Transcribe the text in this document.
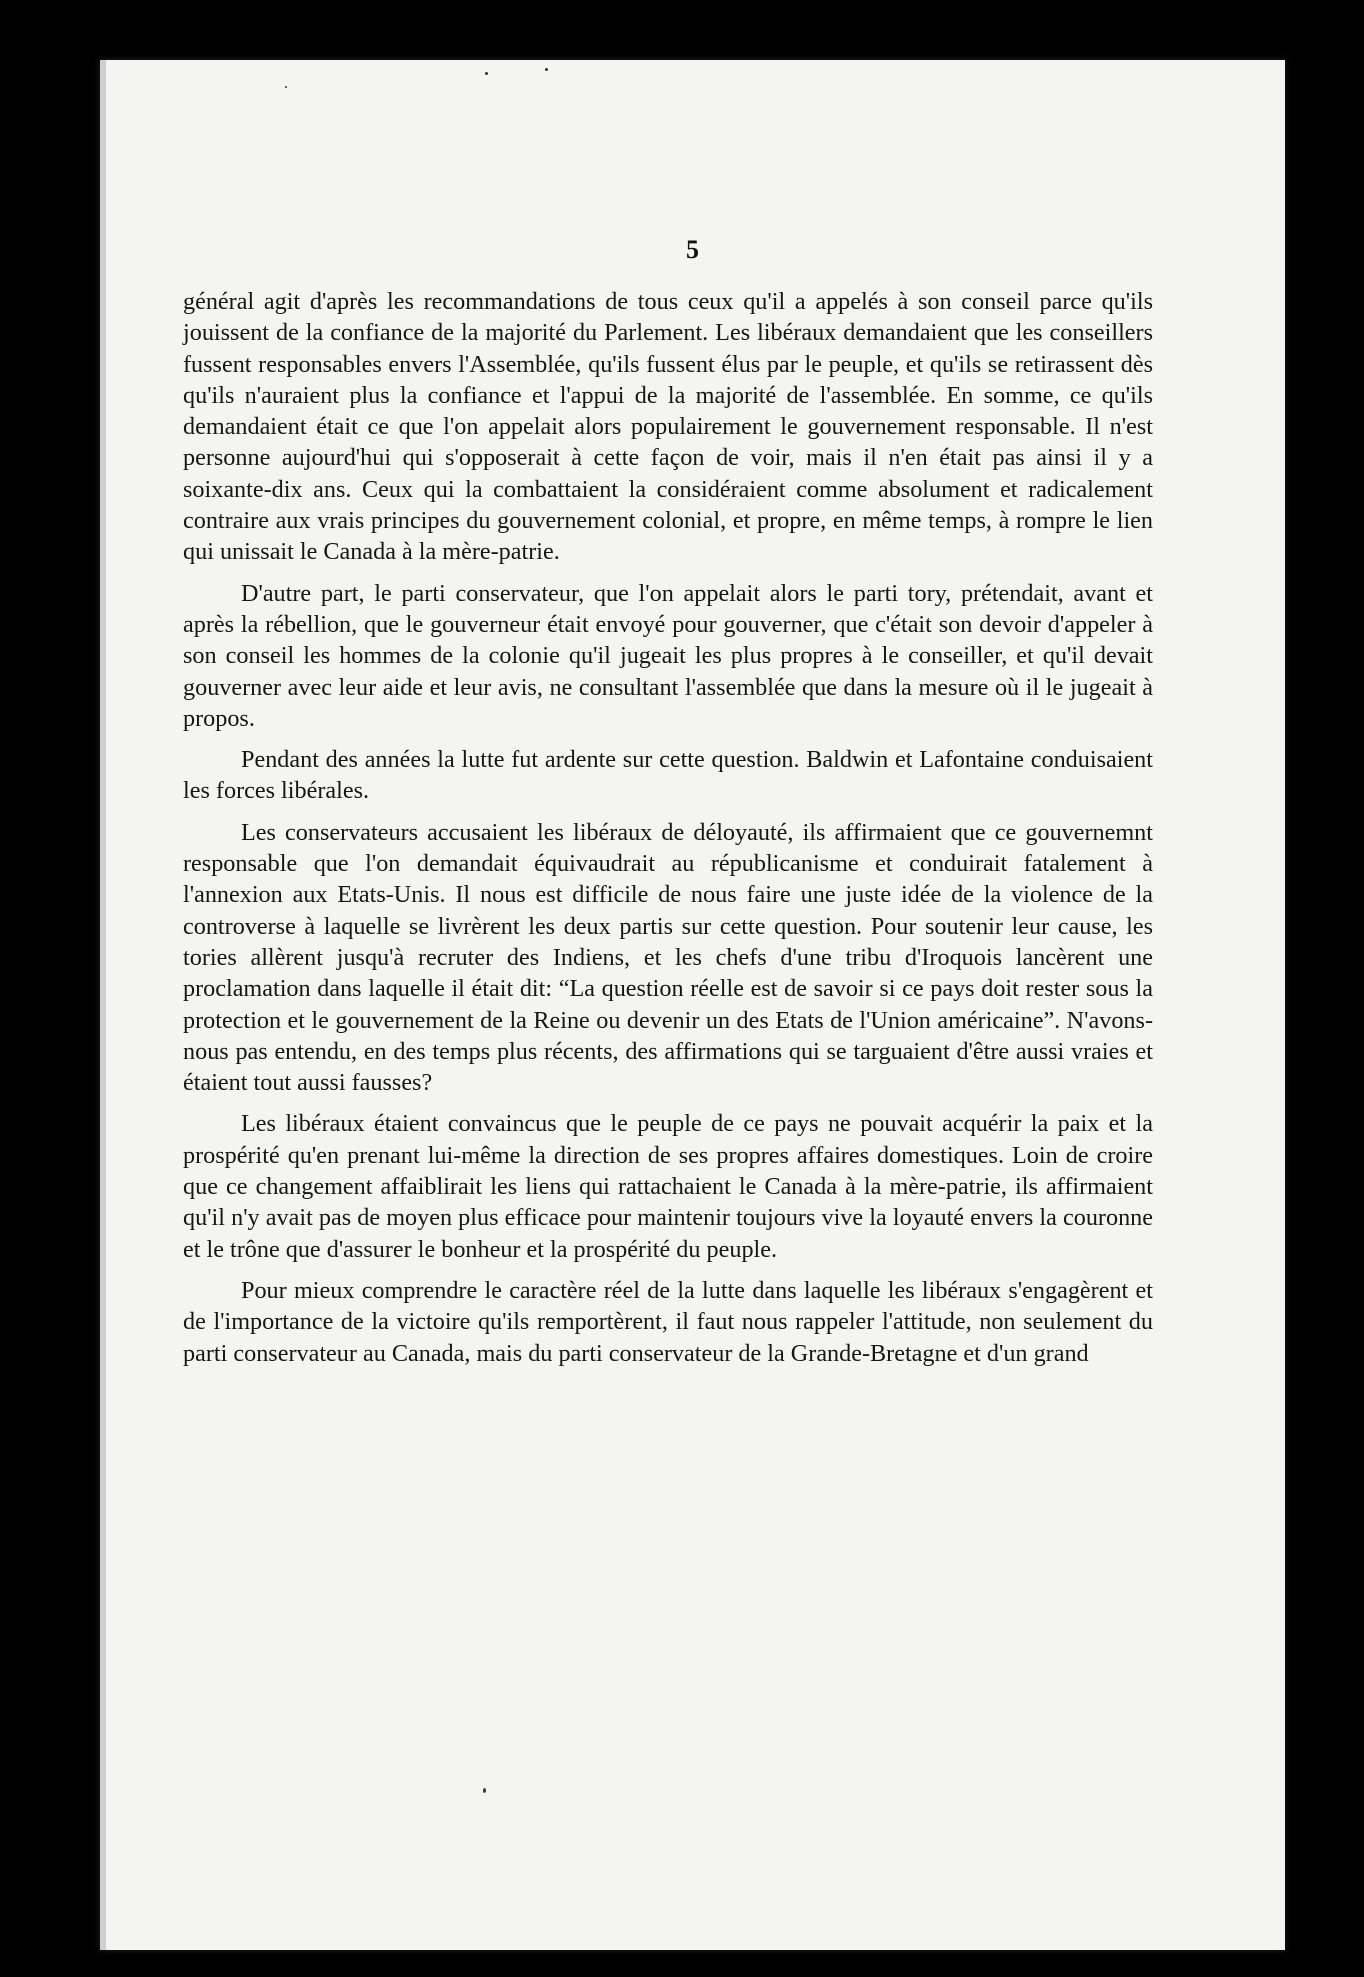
5

général agit d'après les recommandations de tous ceux qu'il a appelés à son conseil parce qu'ils jouissent de la confiance de la majorité du Parlement. Les libéraux demandaient que les conseillers fussent responsables envers l'Assemblée, qu'ils fussent élus par le peuple, et qu'ils se retirassent dès qu'ils n'auraient plus la confiance et l'appui de la majorité de l'assemblée. En somme, ce qu'ils demandaient était ce que l'on appelait alors populairement le gouvernement responsable. Il n'est personne aujourd'hui qui s'opposerait à cette façon de voir, mais il n'en était pas ainsi il y a soixante-dix ans. Ceux qui la combattaient la considéraient comme absolument et radicalement contraire aux vrais principes du gouvernement colonial, et propre, en même temps, à rompre le lien qui unissait le Canada à la mère-patrie.

D'autre part, le parti conservateur, que l'on appelait alors le parti tory, prétendait, avant et après la rébellion, que le gouverneur était envoyé pour gouverner, que c'était son devoir d'appeler à son conseil les hommes de la colonie qu'il jugeait les plus propres à le conseiller, et qu'il devait gouverner avec leur aide et leur avis, ne consultant l'assemblée que dans la mesure où il le jugeait à propos.

Pendant des années la lutte fut ardente sur cette question. Baldwin et Lafontaine conduisaient les forces libérales.

Les conservateurs accusaient les libéraux de déloyauté, ils affirmaient que ce gouvernemnt responsable que l'on demandait équivaudrait au républicanisme et conduirait fatalement à l'annexion aux Etats-Unis. Il nous est difficile de nous faire une juste idée de la violence de la controverse à laquelle se livrèrent les deux partis sur cette question. Pour soutenir leur cause, les tories allèrent jusqu'à recruter des Indiens, et les chefs d'une tribu d'Iroquois lancèrent une proclamation dans laquelle il était dit: “La question réelle est de savoir si ce pays doit rester sous la protection et le gouvernement de la Reine ou devenir un des Etats de l'Union américaine”. N'avons-nous pas entendu, en des temps plus récents, des affirmations qui se targuaient d'être aussi vraies et étaient tout aussi fausses?

Les libéraux étaient convaincus que le peuple de ce pays ne pouvait acquérir la paix et la prospérité qu'en prenant lui-même la direction de ses propres affaires domestiques. Loin de croire que ce changement affaiblirait les liens qui rattachaient le Canada à la mère-patrie, ils affirmaient qu'il n'y avait pas de moyen plus efficace pour maintenir toujours vive la loyauté envers la couronne et le trône que d'assurer le bonheur et la prospérité du peuple.

Pour mieux comprendre le caractère réel de la lutte dans laquelle les libéraux s'engagèrent et de l'importance de la victoire qu'ils remportèrent, il faut nous rappeler l'attitude, non seulement du parti conservateur au Canada, mais du parti conservateur de la Grande-Bretagne et d'un grand
